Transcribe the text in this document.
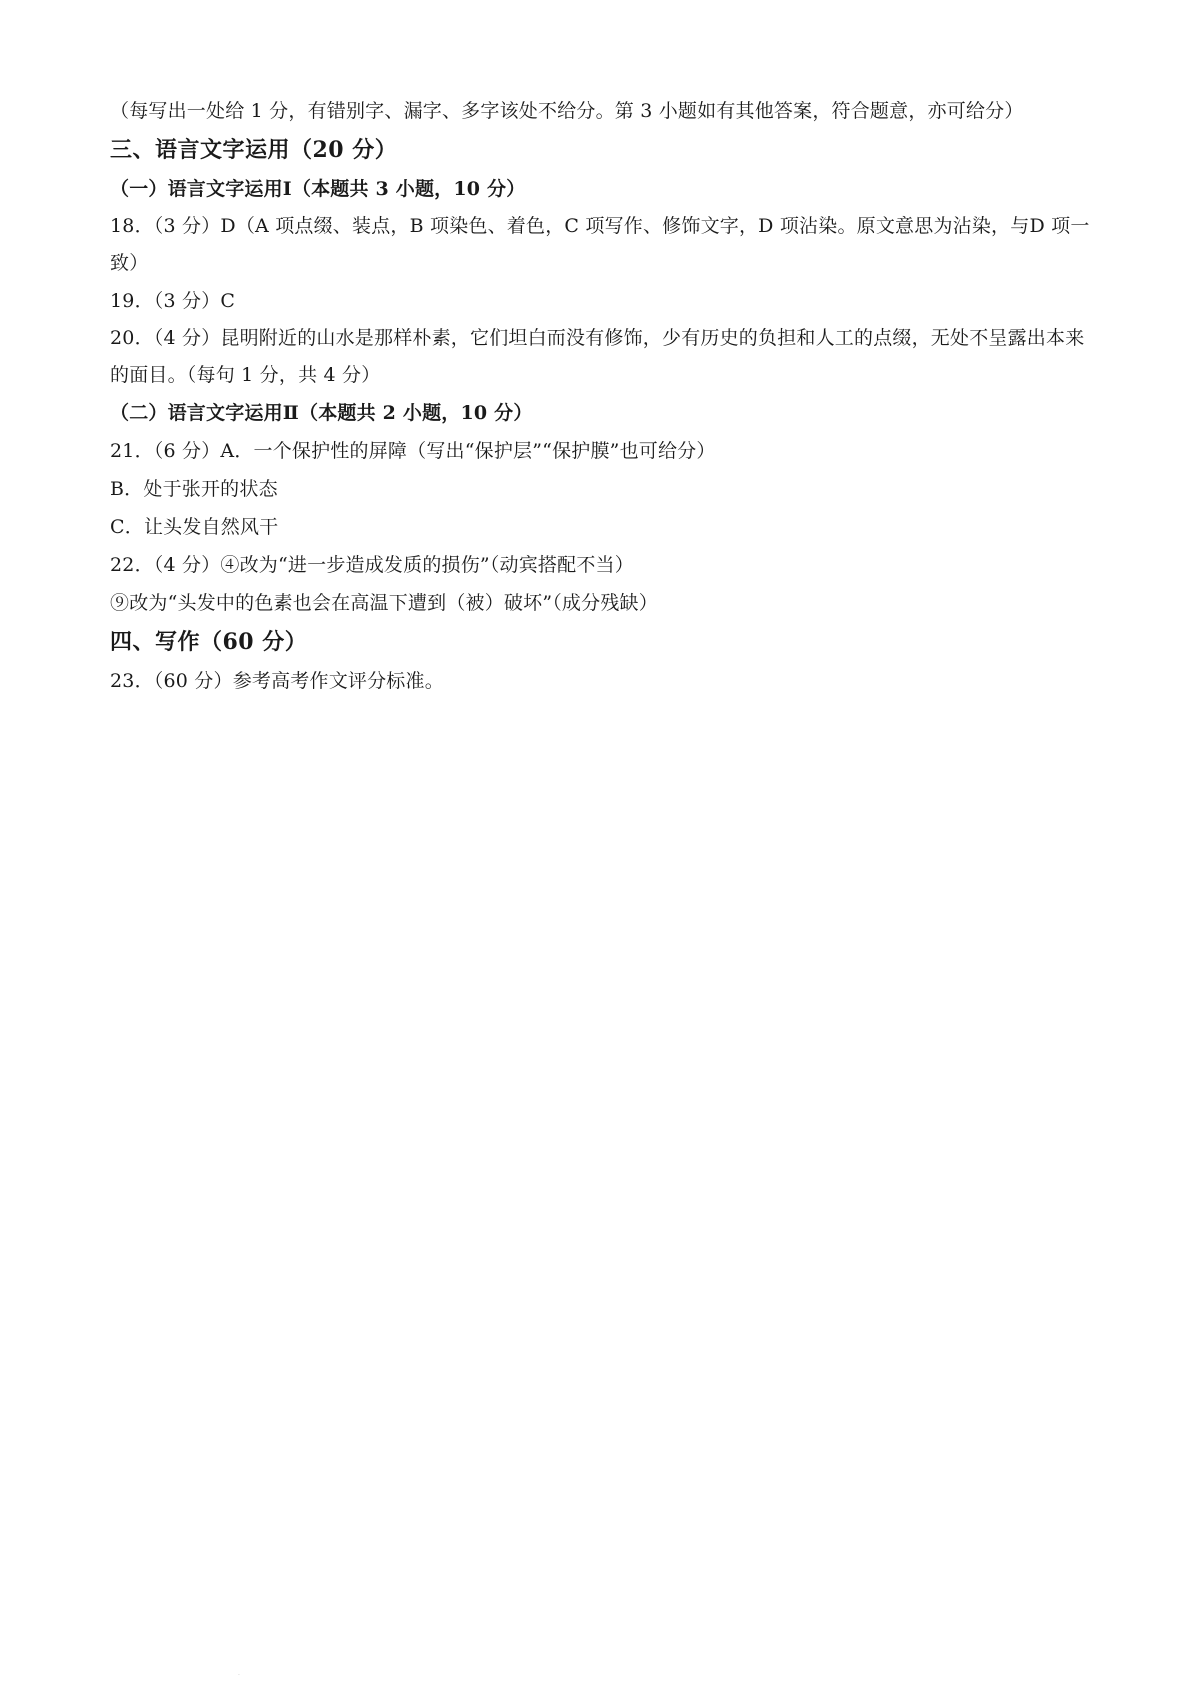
（每写出一处给 1 分，有错别字、漏字、多字该处不给分。第 3 小题如有其他答案，符合题意，亦可给分）
三、语言文字运用（20 分）
（一）语言文字运用Ⅰ（本题共 3 小题，10 分）
18．（3 分）D（A 项点缀、装点，B 项染色、着色，C 项写作、修饰文字，D 项沾染。原文意思为沾染，与D 项一致）
19．（3 分）C
20．（4 分）昆明附近的山水是那样朴素，它们坦白而没有修饰，少有历史的负担和人工的点缀，无处不呈露出本来的面目。（每句 1 分，共 4 分）
（二）语言文字运用Ⅱ（本题共 2 小题，10 分）
21．（6 分）A．一个保护性的屏障（写出“保护层”“保护膜”也可给分）
B．处于张开的状态
C．让头发自然风干
22．（4 分）④改为“进一步造成发质的损伤”（动宾搭配不当）
⑨改为“头发中的色素也会在高温下遭到（被）破坏”（成分残缺）
四、写作（60 分）
23．（60 分）参考高考作文评分标准。
·
